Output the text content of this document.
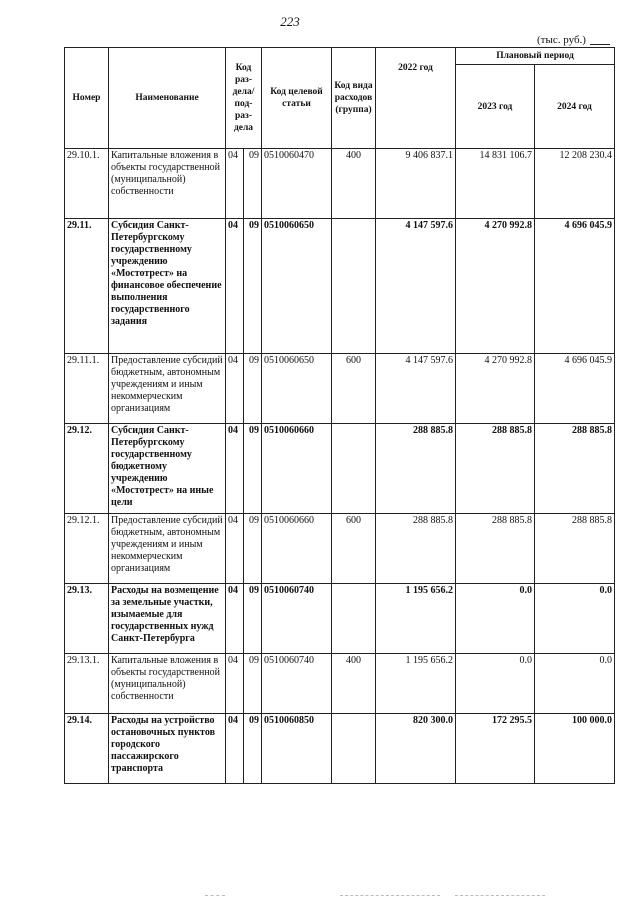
223
(тыс. руб.)
Номер	Наименование	Код раз-дела/ под-раз-дела		Код целевой статьи	Код вида расходов (группа)	2022 год	Плановый период	
							2023 год	2024 год
29.10.1.	Капитальные вложения в объекты государственной (муниципальной) собственности	04	09	0510060470	400	9 406 837.1	14 831 106.7	12 208 230.4
29.11.	Субсидия Санкт-Петербургскому государственному учреждению «Мостотрест» на финансовое обеспечение выполнения государственного задания	04	09	0510060650		4 147 597.6	4 270 992.8	4 696 045.9
29.11.1.	Предоставление субсидий бюджетным, автономным учреждениям и иным некоммерческим организациям	04	09	0510060650	600	4 147 597.6	4 270 992.8	4 696 045.9
29.12.	Субсидия Санкт-Петербургскому государственному бюджетному учреждению «Мостотрест» на иные цели	04	09	0510060660		288 885.8	288 885.8	288 885.8
29.12.1.	Предоставление субсидий бюджетным, автономным учреждениям и иным некоммерческим организациям	04	09	0510060660	600	288 885.8	288 885.8	288 885.8
29.13.	Расходы на возмещение за земельные участки, изымаемые для государственных нужд Санкт-Петербурга	04	09	0510060740		1 195 656.2	0.0	0.0
29.13.1.	Капитальные вложения в объекты государственной (муниципальной) собственности	04	09	0510060740	400	1 195 656.2	0.0	0.0
29.14.	Расходы на устройство остановочных пунктов городского пассажирского транспорта	04	09	0510060850		820 300.0	172 295.5	100 000.0
